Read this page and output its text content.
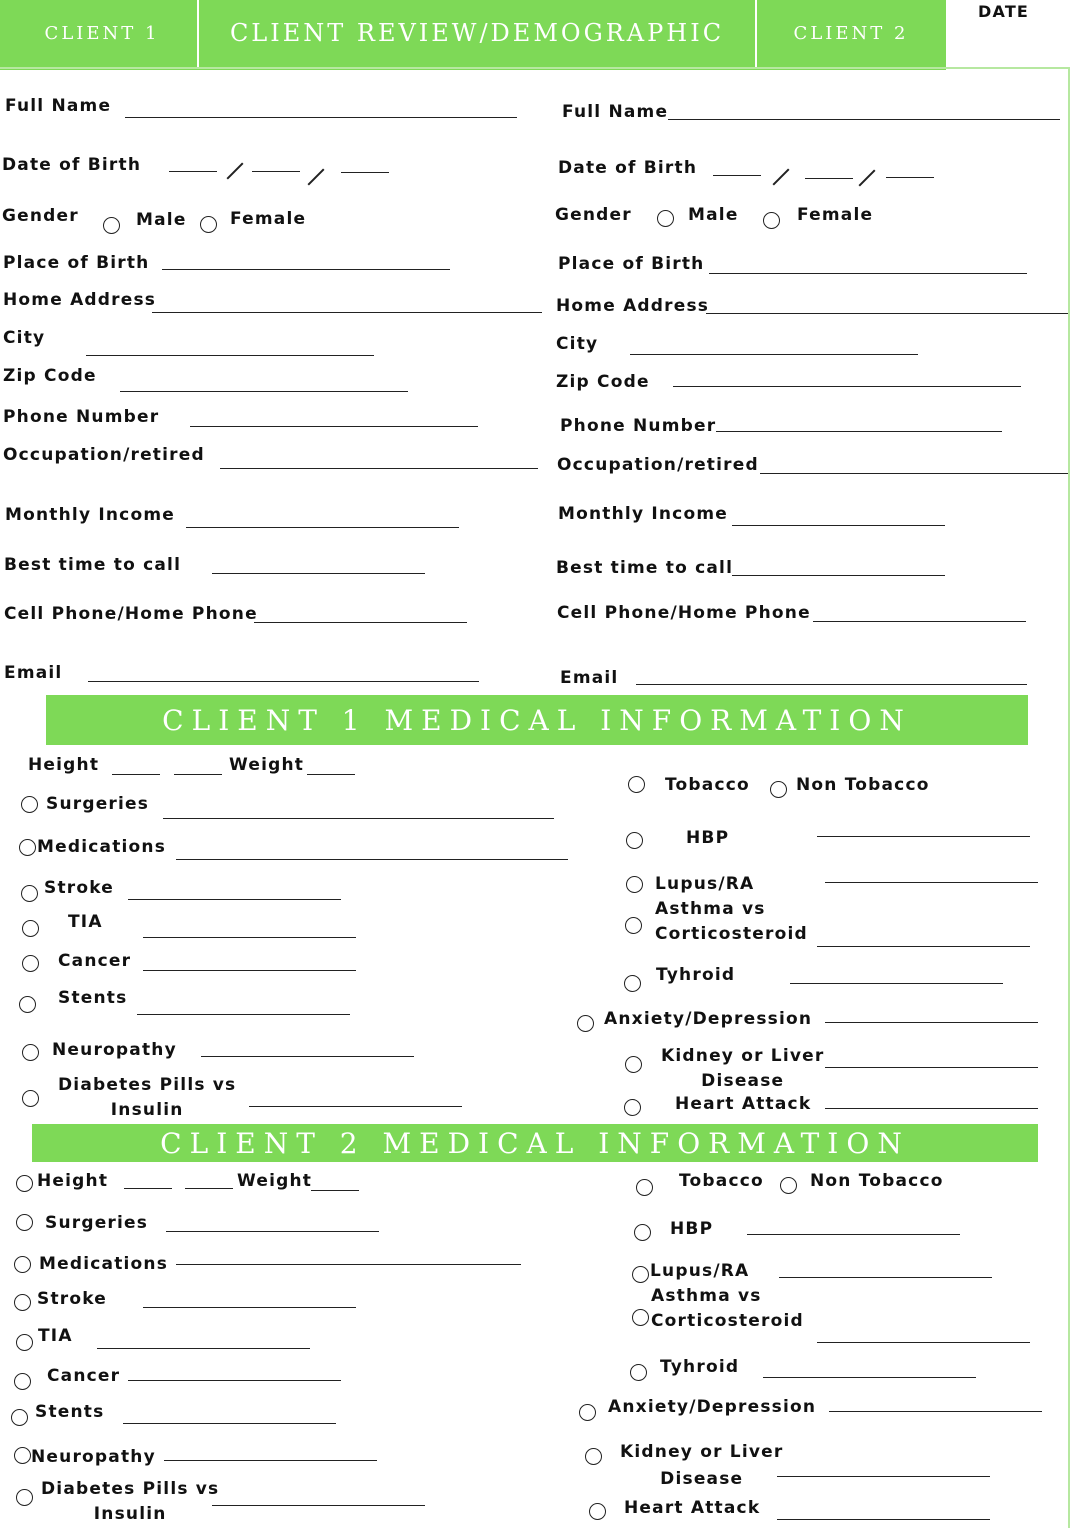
CLIENT 1	CLIENT REVIEW/DEMOGRAPHIC	CLIENT 2
DATE
Full Name
Date of Birth
Gender	Male	Female
Place of Birth
Home Address
City
Zip Code
Phone Number
Occupation/retired
Monthly Income
Best time to call
Cell Phone/Home Phone
Email
Full Name
Date of Birth
Gender	Male	Female
Place of Birth
Home Address
City
Zip Code
Phone Number
Occupation/retired
Monthly Income
Best time to call
Cell Phone/Home Phone
Email
CLIENT 1 MEDICAL INFORMATION
Height	Weight
Surgeries
Medications
Stroke
TIA
Cancer
Stents
Neuropathy
Diabetes Pills vs
Insulin
Tobacco	Non Tobacco
HBP
Lupus/RA
Asthma vs
Corticosteroid
Tyhroid
Anxiety/Depression
Kidney or Liver
Disease
Heart Attack
CLIENT 2 MEDICAL INFORMATION
Height	Weight
Surgeries
Medications
Stroke
TIA
Cancer
Stents
Neuropathy
Diabetes Pills vs
Insulin
Tobacco	Non Tobacco
HBP
Lupus/RA
Asthma vs
Corticosteroid
Tyhroid
Anxiety/Depression
Kidney or Liver
Disease
Heart Attack
